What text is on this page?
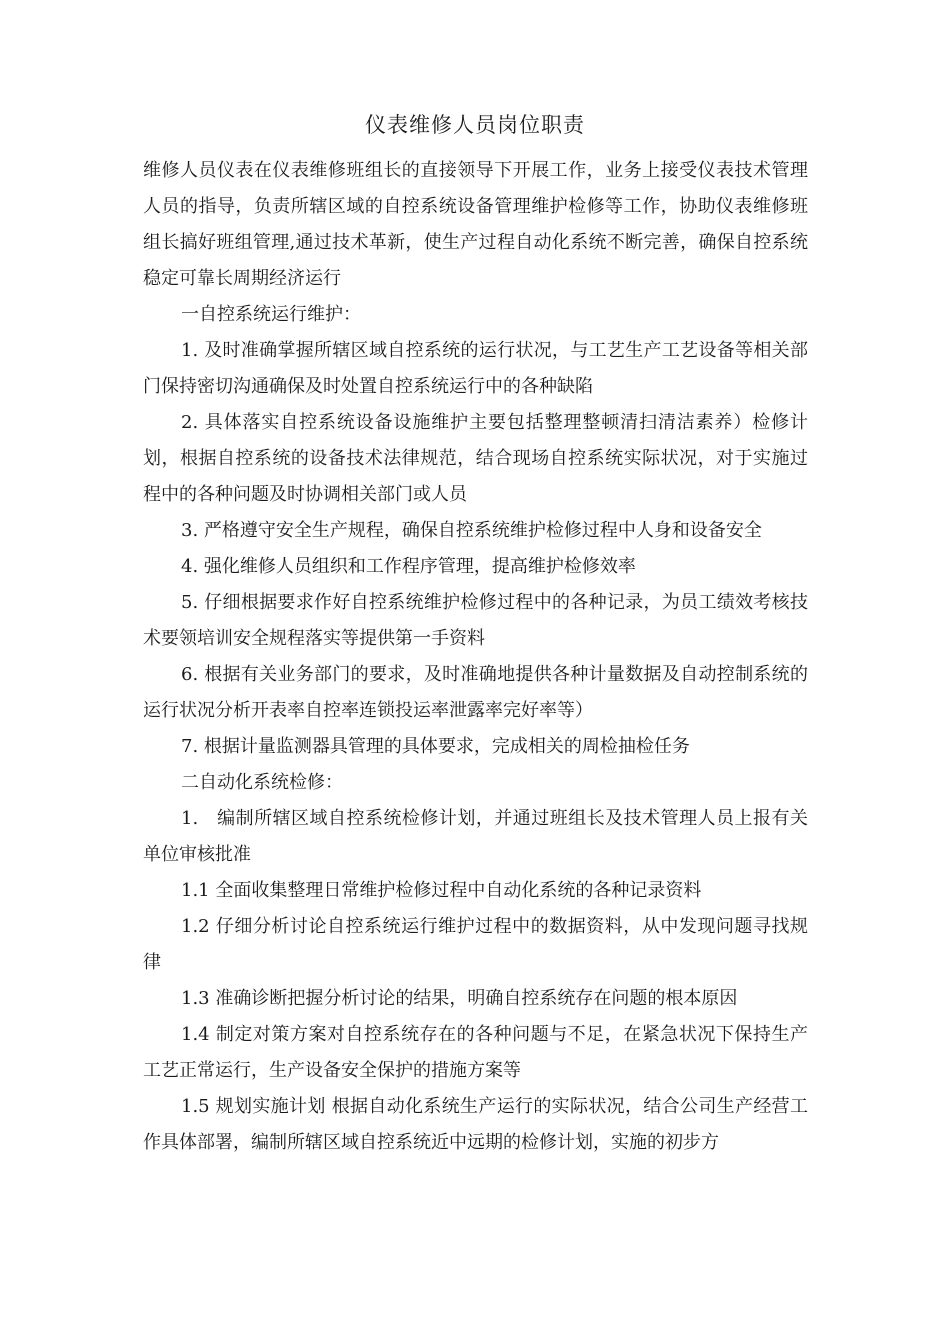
仪表维修人员岗位职责

维修人员仪表在仪表维修班组长的直接领导下开展工作，业务上接受仪表技术管理人员的指导，负责所辖区域的自控系统设备管理维护检修等工作，协助仪表维修班组长搞好班组管理,通过技术革新，使生产过程自动化系统不断完善，确保自控系统稳定可靠长周期经济运行

一自控系统运行维护：

1. 及时准确掌握所辖区域自控系统的运行状况，与工艺生产工艺设备等相关部门保持密切沟通确保及时处置自控系统运行中的各种缺陷

2. 具体落实自控系统设备设施维护主要包括整理整顿清扫清洁素养）检修计划，根据自控系统的设备技术法律规范，结合现场自控系统实际状况，对于实施过程中的各种问题及时协调相关部门或人员

3. 严格遵守安全生产规程，确保自控系统维护检修过程中人身和设备安全

4. 强化维修人员组织和工作程序管理，提高维护检修效率

5. 仔细根据要求作好自控系统维护检修过程中的各种记录，为员工绩效考核技术要领培训安全规程落实等提供第一手资料

6. 根据有关业务部门的要求，及时准确地提供各种计量数据及自动控制系统的运行状况分析开表率自控率连锁投运率泄露率完好率等）

7. 根据计量监测器具管理的具体要求，完成相关的周检抽检任务

二自动化系统检修：

1.　编制所辖区域自控系统检修计划，并通过班组长及技术管理人员上报有关单位审核批准

1.1 全面收集整理日常维护检修过程中自动化系统的各种记录资料

1.2 仔细分析讨论自控系统运行维护过程中的数据资料，从中发现问题寻找规律

1.3 准确诊断把握分析讨论的结果，明确自控系统存在问题的根本原因

1.4 制定对策方案对自控系统存在的各种问题与不足，在紧急状况下保持生产工艺正常运行，生产设备安全保护的措施方案等

1.5 规划实施计划 根据自动化系统生产运行的实际状况，结合公司生产经营工作具体部署，编制所辖区域自控系统近中远期的检修计划，实施的初步方
